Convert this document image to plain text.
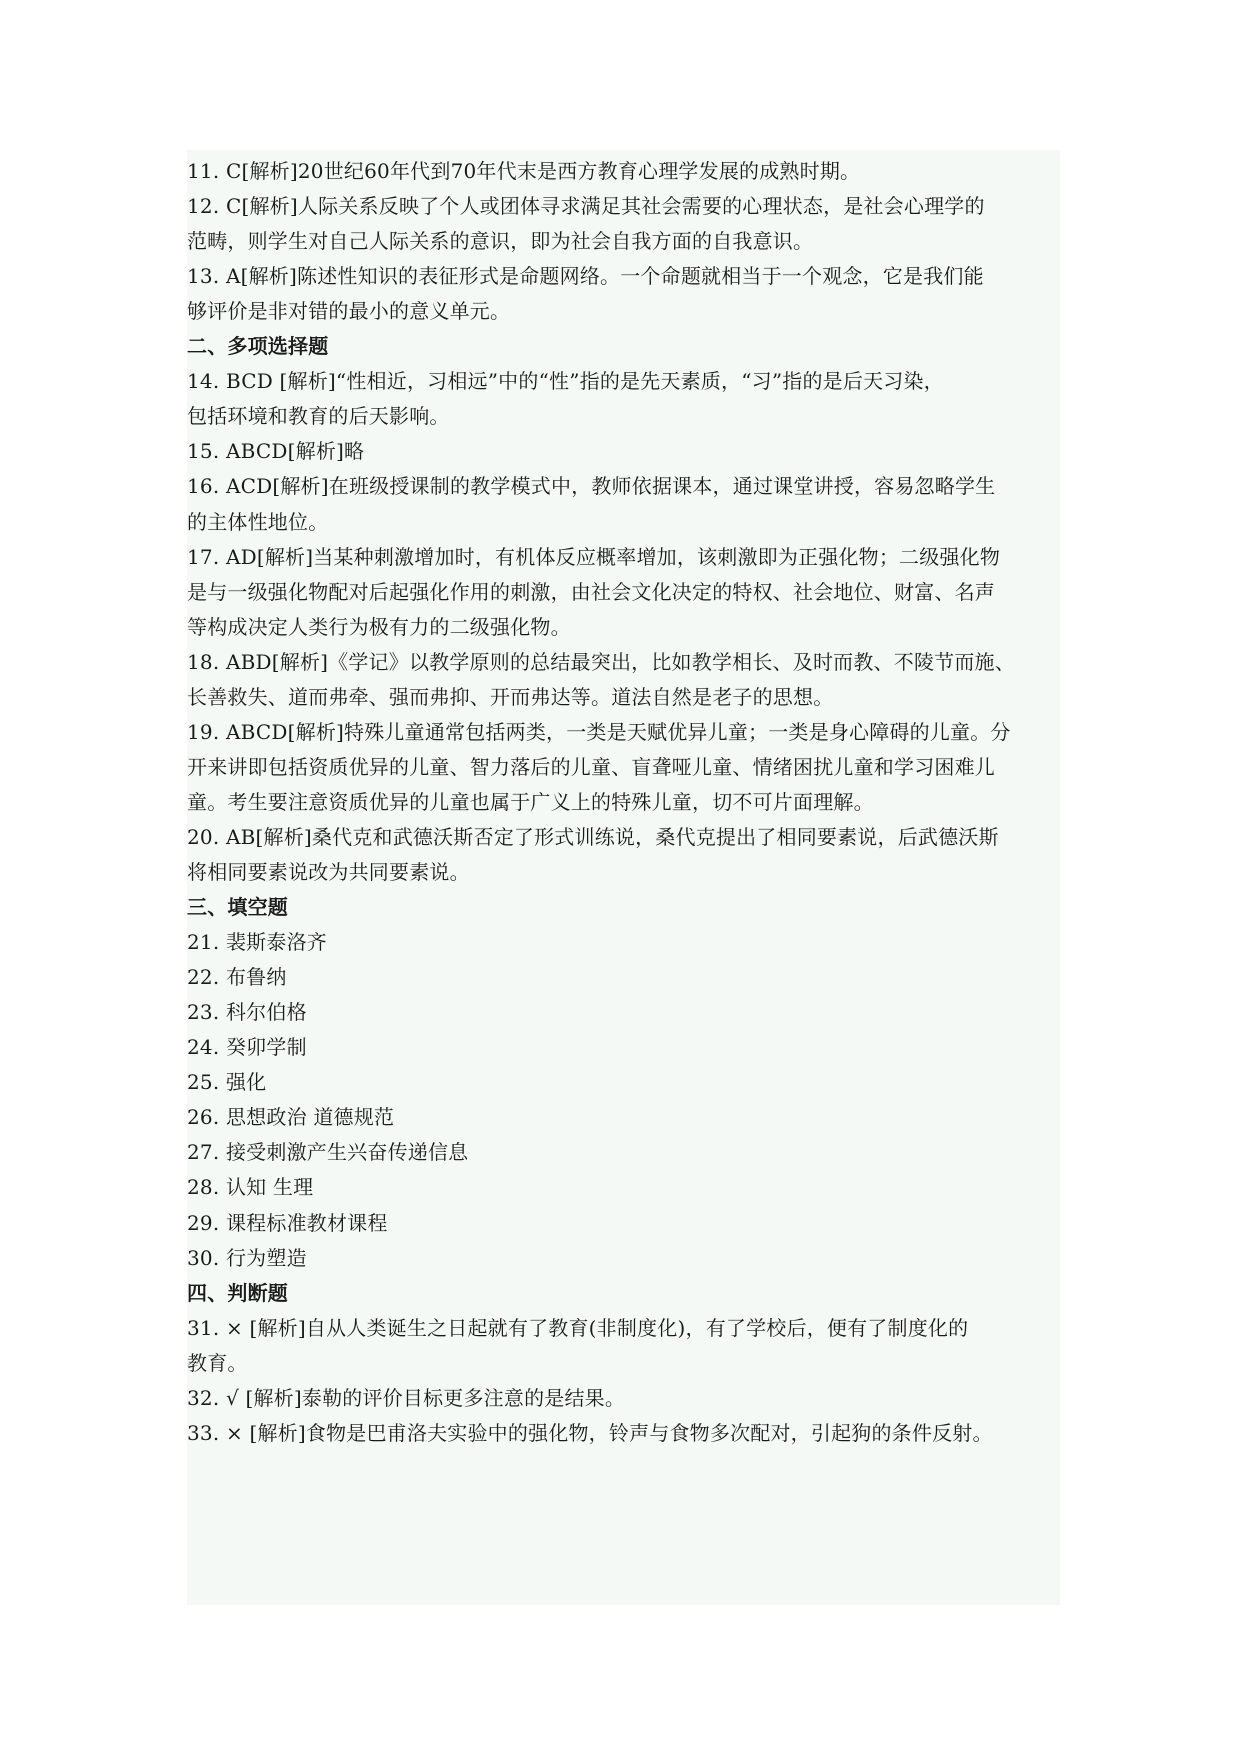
11. C[解析]20世纪60年代到70年代末是西方教育心理学发展的成熟时期。
12. C[解析]人际关系反映了个人或团体寻求满足其社会需要的心理状态，是社会心理学的
范畴，则学生对自己人际关系的意识，即为社会自我方面的自我意识。
13. A[解析]陈述性知识的表征形式是命题网络。一个命题就相当于一个观念，它是我们能
够评价是非对错的最小的意义单元。
二、多项选择题
14. BCD [解析]“性相近，习相远”中的“性”指的是先天素质，“习”指的是后天习染，
包括环境和教育的后天影响。
15. ABCD[解析]略
16. ACD[解析]在班级授课制的教学模式中，教师依据课本，通过课堂讲授，容易忽略学生
的主体性地位。
17. AD[解析]当某种刺激增加时，有机体反应概率增加，该刺激即为正强化物；二级强化物
是与一级强化物配对后起强化作用的刺激，由社会文化决定的特权、社会地位、财富、名声
等构成决定人类行为极有力的二级强化物。
18. ABD[解析]《学记》以教学原则的总结最突出，比如教学相长、及时而教、不陵节而施、
长善救失、道而弗牵、强而弗抑、开而弗达等。道法自然是老子的思想。
19. ABCD[解析]特殊儿童通常包括两类，一类是天赋优异儿童；一类是身心障碍的儿童。分
开来讲即包括资质优异的儿童、智力落后的儿童、盲聋哑儿童、情绪困扰儿童和学习困难儿
童。考生要注意资质优异的儿童也属于广义上的特殊儿童，切不可片面理解。
20. AB[解析]桑代克和武德沃斯否定了形式训练说，桑代克提出了相同要素说，后武德沃斯
将相同要素说改为共同要素说。
三、填空题
21. 裴斯泰洛齐
22. 布鲁纳
23. 科尔伯格
24. 癸卯学制
25. 强化
26. 思想政治 道德规范
27. 接受刺激产生兴奋传递信息
28. 认知 生理
29. 课程标准教材课程
30. 行为塑造
四、判断题
31. × [解析]自从人类诞生之日起就有了教育(非制度化)，有了学校后，便有了制度化的
教育。
32. √ [解析]泰勒的评价目标更多注意的是结果。
33. × [解析]食物是巴甫洛夫实验中的强化物，铃声与食物多次配对，引起狗的条件反射。
